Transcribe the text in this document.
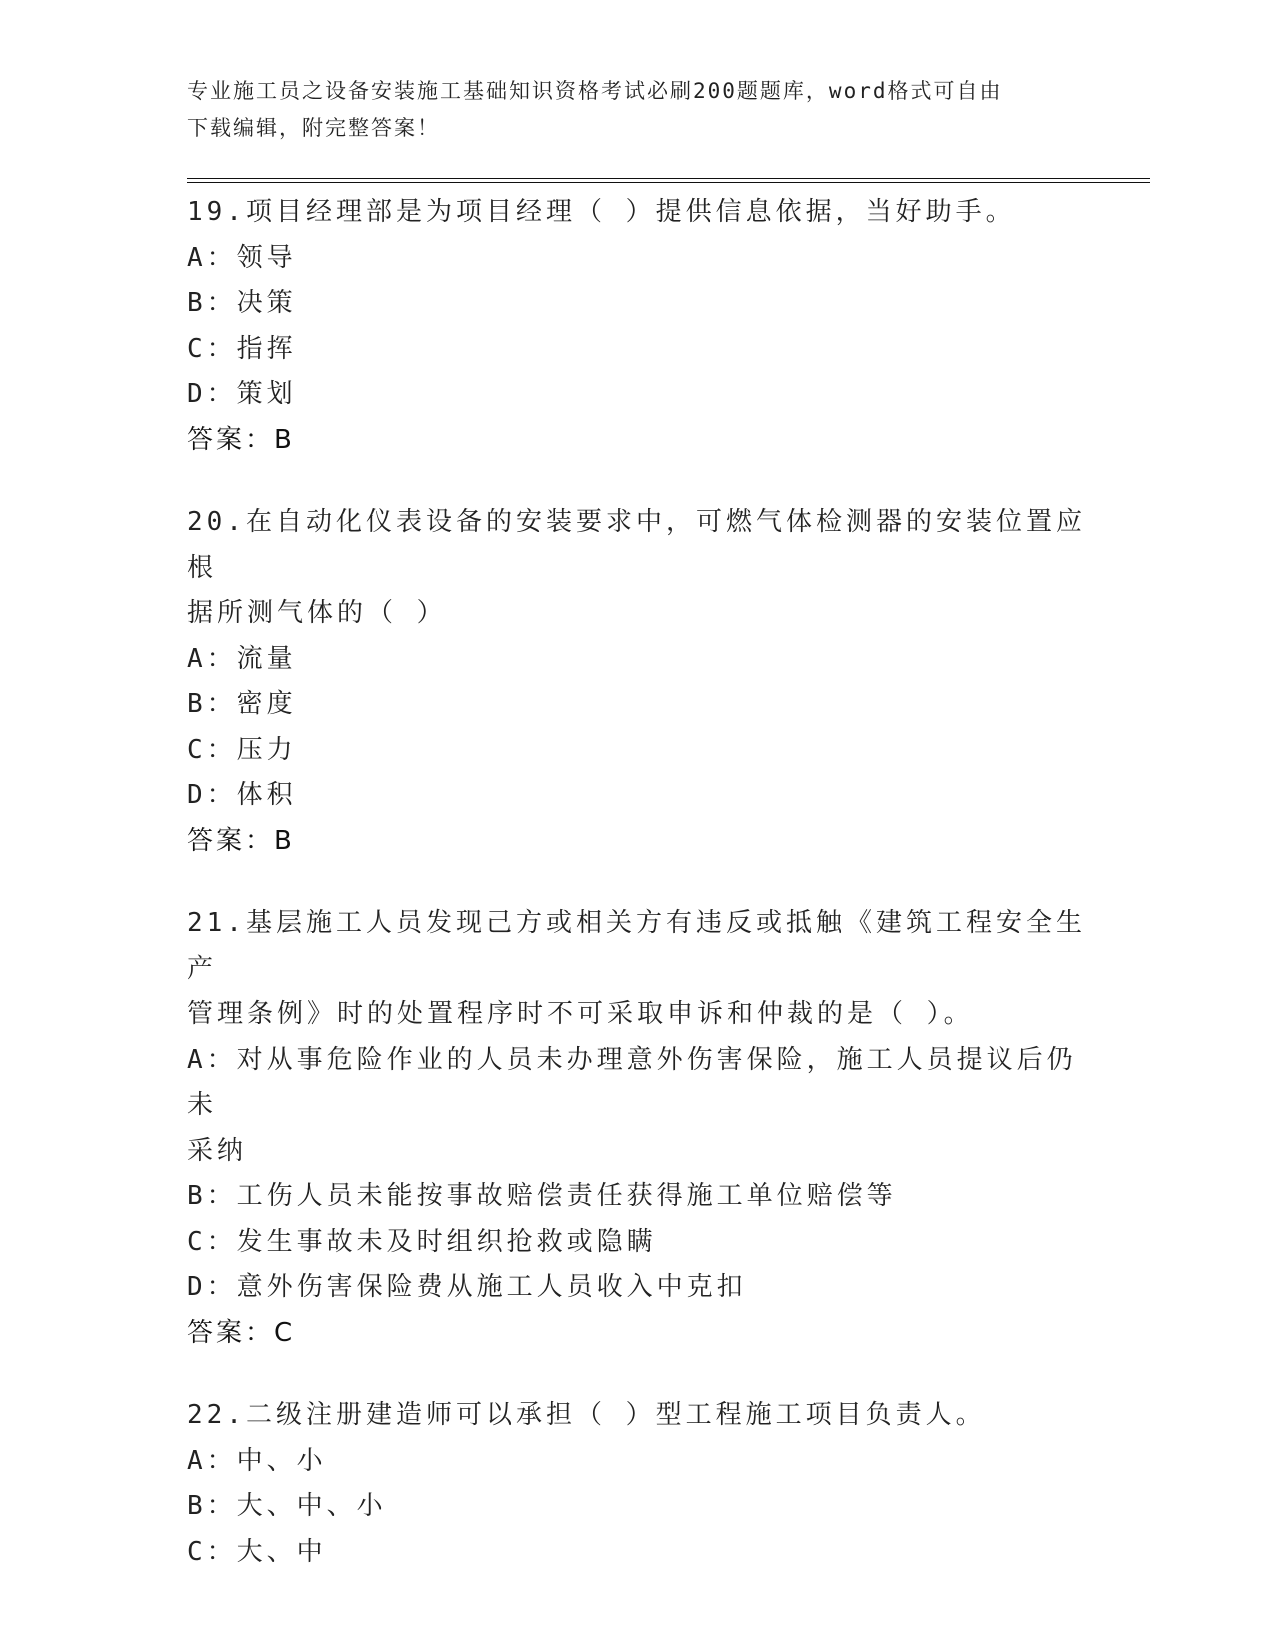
专业施工员之设备安装施工基础知识资格考试必刷200题题库，word格式可自由
下载编辑，附完整答案！
19.项目经理部是为项目经理（ ）提供信息依据，当好助手。
A：领导
B：决策
C：指挥
D：策划
答案：B
20.在自动化仪表设备的安装要求中，可燃气体检测器的安装位置应根
据所测气体的（ ）
A：流量
B：密度
C：压力
D：体积
答案：B
21.基层施工人员发现己方或相关方有违反或抵触《建筑工程安全生产
管理条例》时的处置程序时不可采取申诉和仲裁的是（ ）。
A：对从事危险作业的人员未办理意外伤害保险，施工人员提议后仍未
采纳
B：工伤人员未能按事故赔偿责任获得施工单位赔偿等
C：发生事故未及时组织抢救或隐瞒
D：意外伤害保险费从施工人员收入中克扣
答案：C
22.二级注册建造师可以承担（ ）型工程施工项目负责人。
A：中、小
B：大、中、小
C：大、中
